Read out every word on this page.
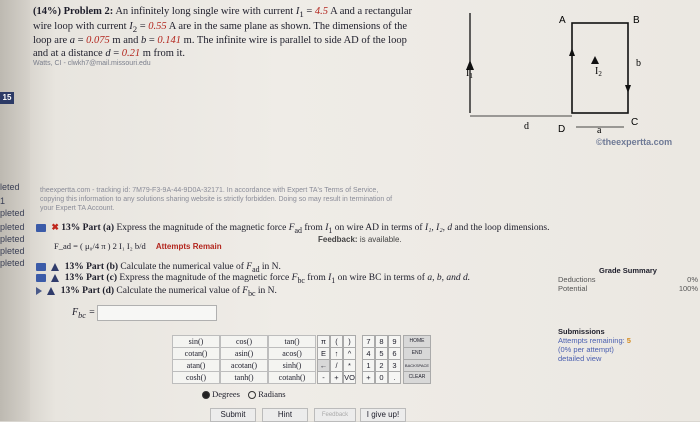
15
leted
1
pleted
pleted
pleted
pleted
pleted
(14%) Problem 2: An infinitely long single wire with current $I_1 = 4.5$ A and a rectangular wire loop with current $I_2 = 0.55$ A are in the same plane as shown. The dimensions of the loop are a = 0.075 m and b = 0.141 m. The infinite wire is parallel to side AD of the loop and at a distance d = 0.21 m from it.
Watts, CI - clwkh7@mail.missouri.edu
$I_1$
A	B
C
D
$I_2$
b
a
d
©theexpertta.com
theexpertta.com - tracking id: 7M79-F3-9A-44-9D0A-32171. In accordance with Expert TA's Terms of Service,
copying this information to any solutions sharing website is strictly forbidden. Doing so may result in termination of
your Expert TA Account.
✖ 13% Part (a) Express the magnitude of the magnetic force $F_{ad}$ from $I_1$ on wire AD in terms of I₁, I₂, d and the loop dimensions.
F_ad = ( μ₀/4 π ) 2 I₁ I₂ b/d Attempts Remain
Feedback: is available.
13% Part (b) Calculate the numerical value of $F_{ad}$ in N.
13% Part (c) Express the magnitude of the magnetic force $F_{bc}$ from $I_1$ on wire BC in terms of a, b, and d.
13% Part (d) Calculate the numerical value of $F_{bc}$ in N.
$F_{bc}$ =
sin()	cos()	tan()
cotan()	asin()	acos()
atan()	acotan()	sinh()
cosh()	tanh()	cotanh()
π	(	)
E	↑	^
←	/	*
-	+ VO
7	8	9
4	5	6
1	2	3
+	0	.
HOME
END
BACKSPACE
CLEAR
Degrees Radians
Submit	Hint	Feedback	I give up!
Grade Summary
Deductions	0%
Potential	100%
Submissions
Attempts remaining: 5
(0% per attempt)
detailed view
